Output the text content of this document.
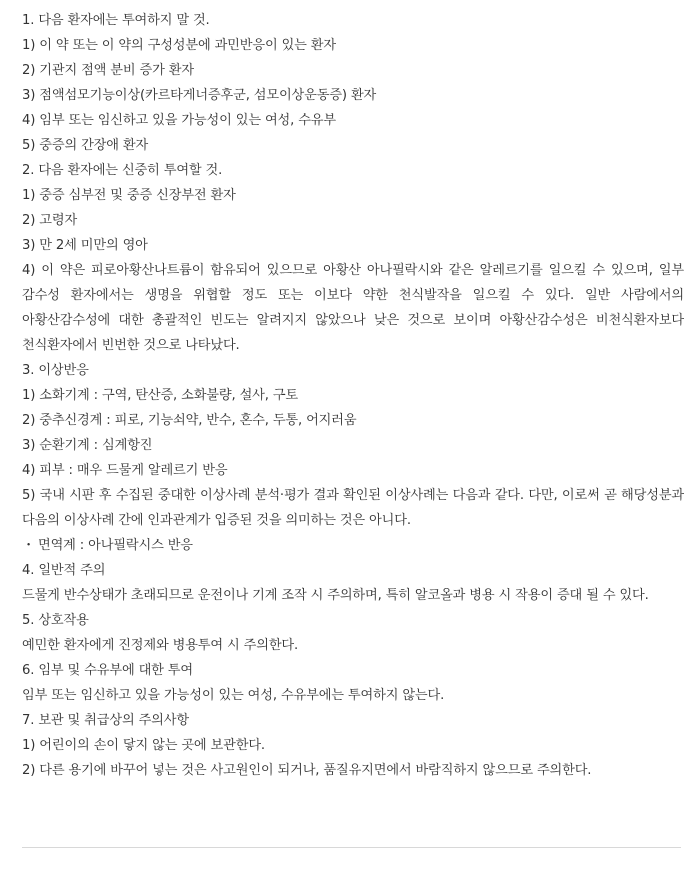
1. 다음 환자에는 투여하지 말 것.
1) 이 약 또는 이 약의 구성성분에 과민반응이 있는 환자
2) 기관지 점액 분비 증가 환자
3) 점액섬모기능이상(카르타게너증후군, 섬모이상운동증) 환자
4) 임부 또는 임신하고 있을 가능성이 있는 여성, 수유부
5) 중증의 간장애 환자
2. 다음 환자에는 신중히 투여할 것.
1) 중증 심부전 및 중증 신장부전 환자
2) 고령자
3) 만 2세 미만의 영아

4) 이 약은 피로아황산나트륨이 함유되어 있으므로 아황산 아나필락시와 같은 알레르기를 일으킬 수 있으며, 일부 감수성 환자에서는 생명을 위협할 정도 또는 이보다 약한 천식발작을 일으킬 수 있다. 일반 사람에서의 아황산감수성에 대한 총괄적인 빈도는 알려지지 않았으나 낮은 것으로 보이며 아황산감수성은 비천식환자보다 천식환자에서 빈번한 것으로 나타났다.

3. 이상반응
1) 소화기계 : 구역, 탄산증, 소화불량, 설사, 구토
2) 중추신경계 : 피로, 기능쇠약, 반수, 혼수, 두통, 어지러움
3) 순환기계 : 심계항진
4) 피부 : 매우 드물게 알레르기 반응

5) 국내 시판 후 수집된 중대한 이상사례 분석·평가 결과 확인된 이상사례는 다음과 같다. 다만, 이로써 곧 해당성분과 다음의 이상사례 간에 인과관계가 입증된 것을 의미하는 것은 아니다.

・ 면역계 : 아나필락시스 반응
4. 일반적 주의

드물게 반수상태가 초래되므로 운전이나 기계 조작 시 주의하며, 특히 알코올과 병용 시 작용이 증대 될 수 있다.

5. 상호작용
예민한 환자에게 진정제와 병용투여 시 주의한다.
6. 임부 및 수유부에 대한 투여
임부 또는 임신하고 있을 가능성이 있는 여성, 수유부에는 투여하지 않는다.
7. 보관 및 취급상의 주의사항
1) 어린이의 손이 닿지 않는 곳에 보관한다.
2) 다른 용기에 바꾸어 넣는 것은 사고원인이 되거나, 품질유지면에서 바람직하지 않으므로 주의한다.
